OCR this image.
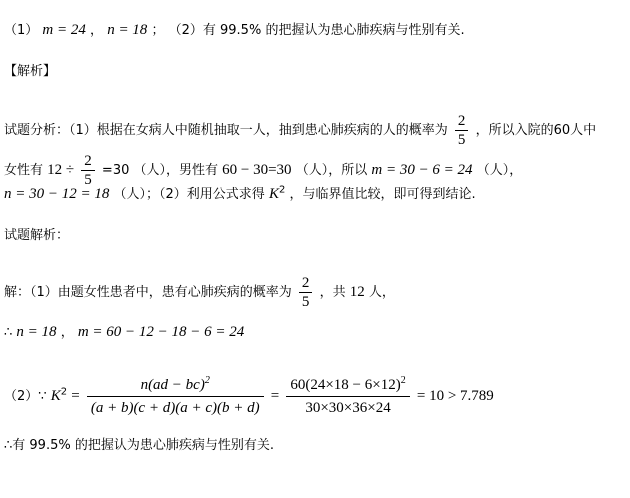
（1） m = 24 ， n = 18 ； （2）有 99.5% 的把握认为患心肺疾病与性别有关.
【解析】
试题分析：（1）根据在女病人中随机抽取一人，抽到患心肺疾病的人的概率为 $\frac{2}{5}$ ，所以入院的60人中
女性有 $12 \div \frac{2}{5} =30$ （人），男性有 60 − 30=30 （人），所以 m = 30 − 6 = 24 （人），
n = 30 − 12 = 18 （人）；（2）利用公式求得 $K^2$ ，与临界值比较，即可得到结论.
试题解析：
解：（1）由题女性患者中，患有心肺疾病的概率为 $\frac{2}{5}$ ，共 12 人，
∴ n = 18 ， m = 60 − 12 − 18 − 6 = 24
（2）∵ $K^2 = \frac{n(ad - bc)^2}{(a + b)(c + d)(a + c)(b + d)} = \frac{60(24\times 18 - 6\times 12)^2}{30\times 30\times 36\times 24} = 10 > 7.789$
∴有 99.5% 的把握认为患心肺疾病与性别有关.
